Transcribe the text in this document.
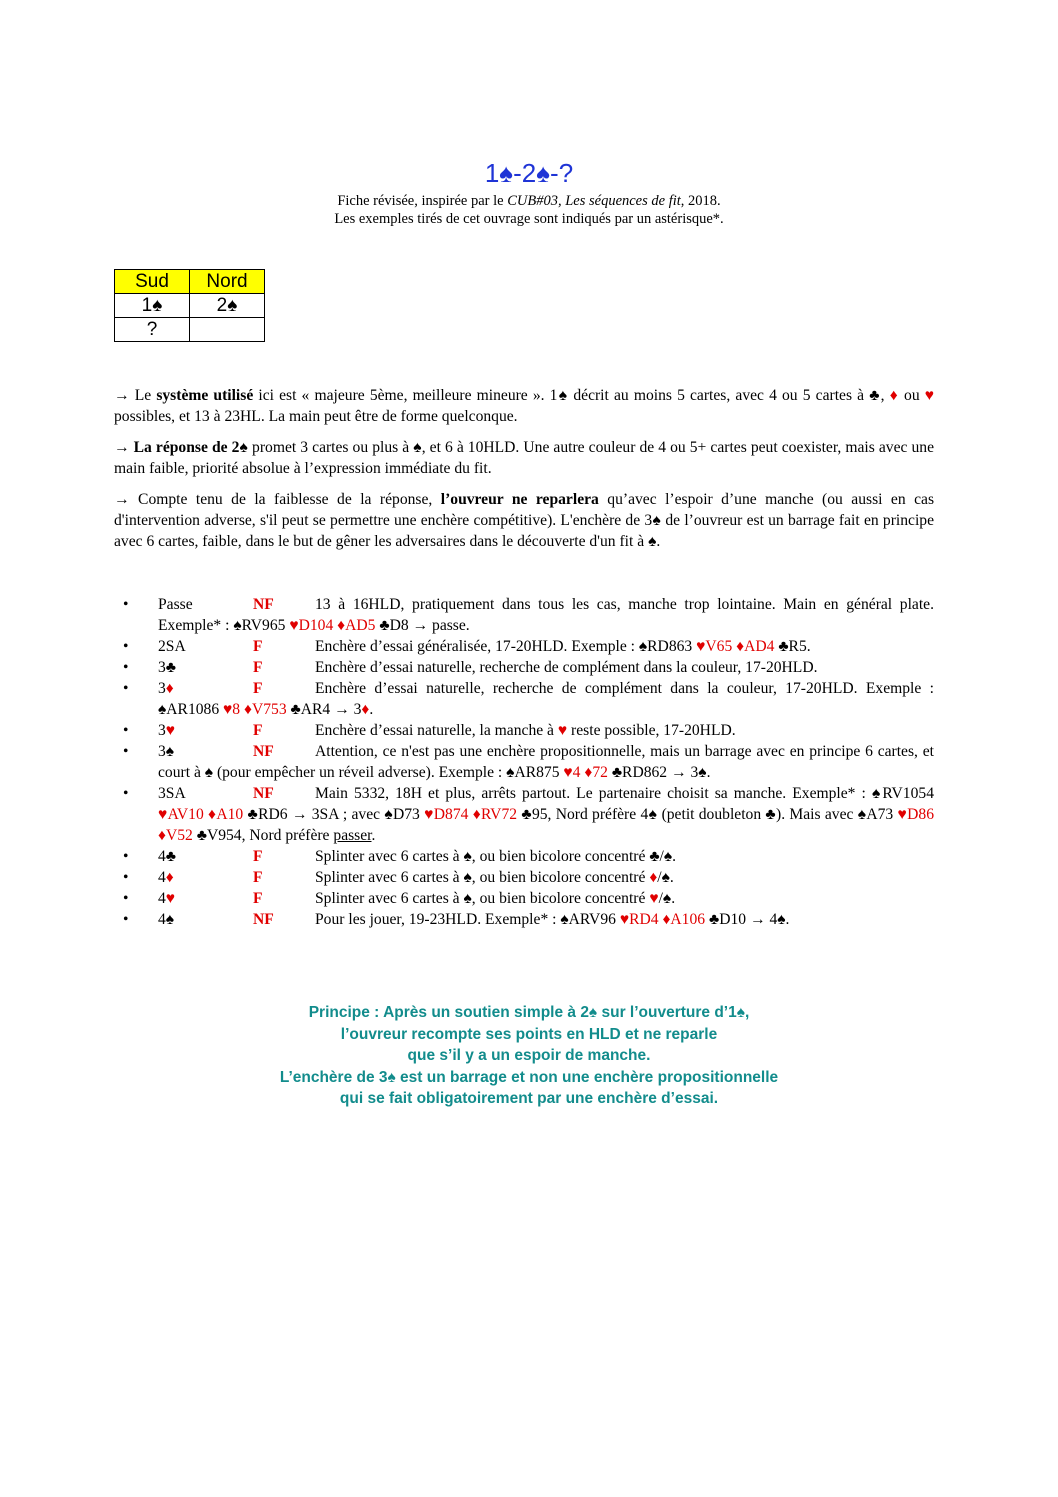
1♠-2♠-?
Fiche révisée, inspirée par le CUB#03, Les séquences de fit, 2018.
Les exemples tirés de cet ouvrage sont indiqués par un astérisque*.
Sud	Nord
1♠	2♠
?	
→ Le système utilisé ici est « majeure 5ème, meilleure mineure ». 1♠ décrit au moins 5 cartes, avec 4 ou 5 cartes à ♣, ♦ ou ♥ possibles, et 13 à 23HL. La main peut être de forme quelconque.
→ La réponse de 2♠ promet 3 cartes ou plus à ♠, et 6 à 10HLD. Une autre couleur de 4 ou 5+ cartes peut coexister, mais avec une main faible, priorité absolue à l’expression immédiate du fit.
→ Compte tenu de la faiblesse de la réponse, l’ouvreur ne reparlera qu’avec l’espoir d’une manche (ou aussi en cas d'intervention adverse, s'il peut se permettre une enchère compétitive). L'enchère de 3♠ de l’ouvreur est un barrage fait en principe avec 6 cartes, faible, dans le but de gêner les adversaires dans le découverte d'un fit à ♠.
• Passe	NF	13 à 16HLD, pratiquement dans tous les cas, manche trop lointaine. Main en général plate. Exemple* : ♠RV965 ♥D104 ♦AD5 ♣D8 → passe.
• 2SA	F	Enchère d’essai généralisée, 17-20HLD. Exemple : ♠RD863 ♥V65 ♦AD4 ♣R5.
• 3♣	F	Enchère d’essai naturelle, recherche de complément dans la couleur, 17-20HLD.
• 3♦	F	Enchère d’essai naturelle, recherche de complément dans la couleur, 17-20HLD. Exemple : ♠AR1086 ♥8 ♦V753 ♣AR4 → 3♦.
• 3♥	F	Enchère d’essai naturelle, la manche à ♥ reste possible, 17-20HLD.
• 3♠	NF	Attention, ce n'est pas une enchère propositionnelle, mais un barrage avec en principe 6 cartes, et court à ♠ (pour empêcher un réveil adverse). Exemple : ♠AR875 ♥4 ♦72 ♣RD862 → 3♠.
• 3SA	NF	Main 5332, 18H et plus, arrêts partout. Le partenaire choisit sa manche. Exemple* : ♠RV1054 ♥AV10 ♦A10 ♣RD6 → 3SA ; avec ♠D73 ♥D874 ♦RV72 ♣95, Nord préfère 4♠ (petit doubleton ♣). Mais avec ♠A73 ♥D86 ♦V52 ♣V954, Nord préfère passer.
• 4♣	F	Splinter avec 6 cartes à ♠, ou bien bicolore concentré ♣/♠.
• 4♦	F	Splinter avec 6 cartes à ♠, ou bien bicolore concentré ♦/♠.
• 4♥	F	Splinter avec 6 cartes à ♠, ou bien bicolore concentré ♥/♠.
• 4♠	NF	Pour les jouer, 19-23HLD. Exemple* : ♠ARV96 ♥RD4 ♦A106 ♣D10 → 4♠.
Principe : Après un soutien simple à 2♠ sur l’ouverture d’1♠,
l’ouvreur recompte ses points en HLD et ne reparle
que s’il y a un espoir de manche.
L’enchère de 3♠ est un barrage et non une enchère propositionnelle
qui se fait obligatoirement par une enchère d’essai.
